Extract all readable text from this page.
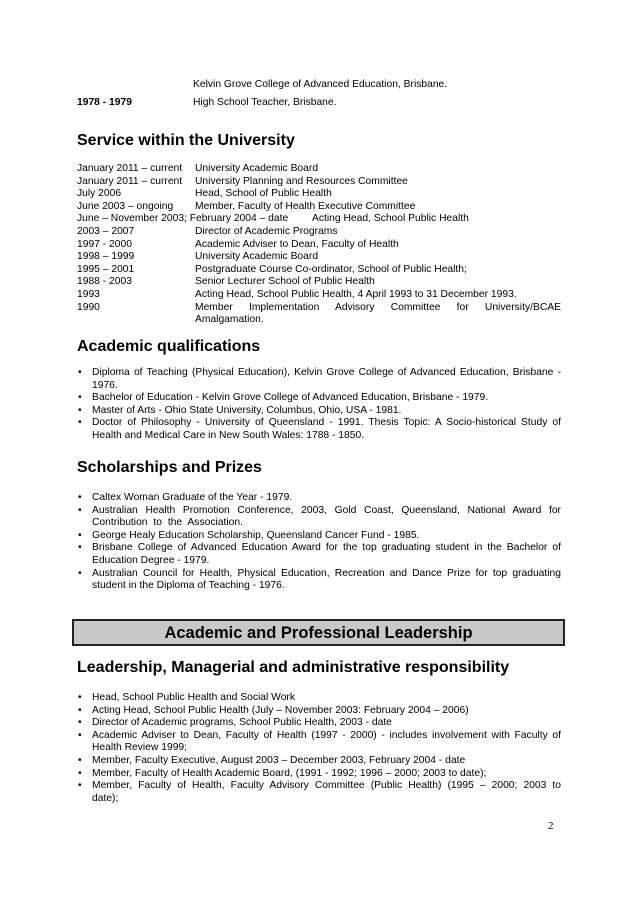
Kelvin Grove College of Advanced Education, Brisbane.
1978 - 1979	High School Teacher, Brisbane.
Service within the University
January 2011 – current University Academic Board
January 2011 – current University Planning and Resources Committee
July 2006	Head, School of Public Health
June 2003 – ongoing Member, Faculty of Health Executive Committee
June – November 2003; February 2004 – date Acting Head, School Public Health
2003 – 2007	Director of Academic Programs
1997 - 2000	Academic Adviser to Dean, Faculty of Health
1998 – 1999	University Academic Board
1995 – 2001	Postgraduate Course Co-ordinator, School of Public Health;
1988 - 2003	Senior Lecturer School of Public Health
1993	Acting Head, School Public Health, 4 April 1993 to 31 December 1993.
1990	Member Implementation Advisory Committee for University/BCAE
Amalgamation.
Academic qualifications
• Diploma of Teaching (Physical Education), Kelvin Grove College of Advanced Education, Brisbane - 1976.
• Bachelor of Education - Kelvin Grove College of Advanced Education, Brisbane - 1979.
• Master of Arts - Ohio State University, Columbus, Ohio, USA - 1981.
• Doctor of Philosophy - University of Queensland - 1991. Thesis Topic: A Socio-historical Study of Health and Medical Care in New South Wales: 1788 - 1850.
Scholarships and Prizes
• Caltex Woman Graduate of the Year - 1979.
• Australian Health Promotion Conference, 2003, Gold Coast, Queensland, National Award for Contribution to the Association.
• George Healy Education Scholarship, Queensland Cancer Fund - 1985.
• Brisbane College of Advanced Education Award for the top graduating student in the Bachelor of Education Degree - 1979.
• Australian Council for Health, Physical Education, Recreation and Dance Prize for top graduating student in the Diploma of Teaching - 1976.
Academic and Professional Leadership
Leadership, Managerial and administrative responsibility
• Head, School Public Health and Social Work
• Acting Head, School Public Health (July – November 2003: February 2004 – 2006)
• Director of Academic programs, School Public Health, 2003 - date
• Academic Adviser to Dean, Faculty of Health (1997 - 2000) - includes involvement with Faculty of Health Review 1999;
• Member, Faculty Executive, August 2003 – December 2003, February 2004 - date
• Member, Faculty of Health Academic Board, (1991 - 1992; 1996 – 2000; 2003 to date);
• Member, Faculty of Health, Faculty Advisory Committee (Public Health) (1995 – 2000; 2003 to date);
2
